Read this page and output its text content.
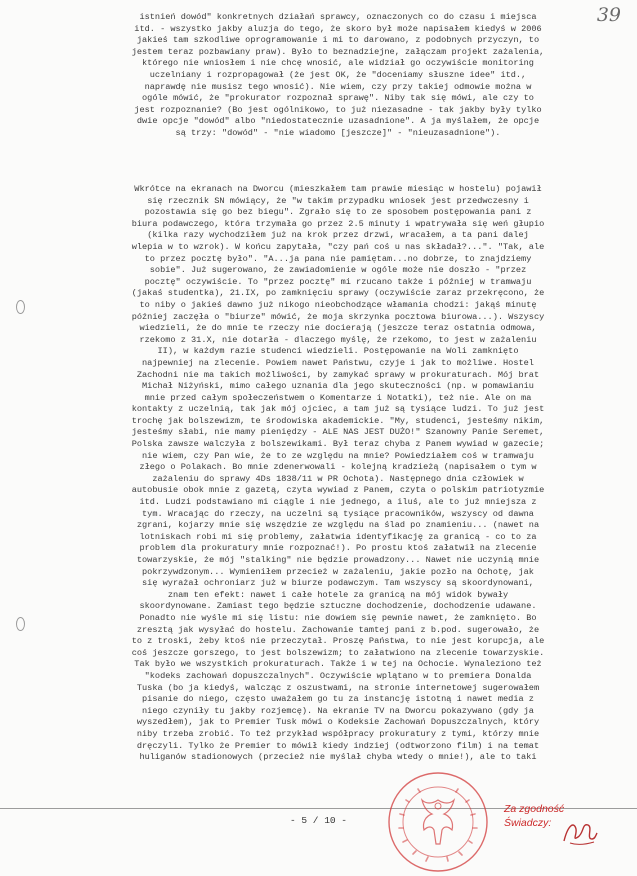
39

istnień dowód" konkretnych działań sprawcy, oznaczonych co do czasu i miejsca

itd. - wszystko jakby aluzja do tego, że skoro był może napisałem kiedyś w 2006

jakieś tam szkodliwe oprogramowanie i mi to darowano, z podobnych przyczyn, to

jestem teraz pozbawiany praw). Było to beznadziejne, załączam projekt zażalenia,

którego nie wniosłem i nie chcę wnosić, ale widział go oczywiście monitoring

uczelniany i rozpropagował (że jest OK, że "doceniamy słuszne idee" itd.,

naprawdę nie musisz tego wnosić). Nie wiem, czy przy takiej odmowie można w

ogóle mówić, że "prokurator rozpoznał sprawę". Niby tak się mówi, ale czy to

jest rozpoznanie? (Bo jest ogólnikowo, to już niezasadne - tak jakby były tylko

dwie opcje "dowód" albo "niedostatecznie uzasadnione". A ja myślałem, że opcje

są trzy: "dowód" - "nie wiadomo [jeszcze]" - "nieuzasadnione").

Wkrótce na ekranach na Dworcu (mieszkałem tam prawie miesiąc w hostelu) pojawił

się rzecznik SN mówiący, że "w takim przypadku wniosek jest przedwczesny i

pozostawia się go bez biegu". Zgrało się to ze sposobem postępowania pani z

biura podawczego, która trzymała go przez 2.5 minuty i wpatrywała się weń głupio

(kilka razy wychodziłem już na krok przez drzwi, wracałem, a ta pani dalej

wlepia w to wzrok). W końcu zapytała, "czy pań coś u nas składał?...". "Tak, ale

to przez pocztę było". "A...ja pana nie pamiętam...no dobrze, to znajdziemy

sobie". Już sugerowano, że zawiadomienie w ogóle może nie doszło - "przez

pocztę" oczywiście. To "przez pocztę" mi rzucano także i później w tramwaju

(jakaś studentka), 21.IX, po zamknięciu sprawy (oczywiście zaraz przekręcono, że

to niby o jakieś dawno już nikogo nieobchodzące włamania chodzi: jakąś minutę

później zaczęła o "biurze" mówić, że moja skrzynka pocztowa biurowa...). Wszyscy

wiedzieli, że do mnie te rzeczy nie docierają (jeszcze teraz ostatnia odmowa,

rzekomo z 31.X, nie dotarła - dlaczego myślę, że rzekomo, to jest w zażaleniu

II), w każdym razie studenci wiedzieli. Postępowanie na Woli zamknięto

najpewniej na zlecenie. Powiem nawet Państwu, czyje i jak to możliwe. Hostel

Zachodni nie ma takich możliwości, by zamykać sprawy w prokuraturach. Mój brat

Michał Niżyński, mimo całego uznania dla jego skuteczności (np. w pomawianiu

mnie przed całym społeczeństwem o Komentarze i Notatki), też nie. Ale on ma

kontakty z uczelnią, tak jak mój ojciec, a tam już są tysiące ludzi. To już jest

trochę jak bolszewizm, te środowiska akademickie. "My, studenci, jesteśmy nikim,

jesteśmy słabi, nie mamy pieniędzy - ALE NAS JEST DUŻO!" Szanowny Panie Seremet,

Polska zawsze walczyła z bolszewikami. Był teraz chyba z Panem wywiad w gazecie;

nie wiem, czy Pan wie, że to ze względu na mnie? Powiedziałem coś w tramwaju

złego o Polakach. Bo mnie zdenerwowali - kolejną kradzieżą (napisałem o tym w

zażaleniu do sprawy 4Ds 1838/11 w PR Ochota). Następnego dnia człowiek w

autobusie obok mnie z gazetą, czyta wywiad z Panem, czyta o polskim patriotyzmie

itd. Ludzi podstawiano mi ciągle i nie jednego, a iluś, ale to już mniejsza z

tym. Wracając do rzeczy, na uczelni są tysiące pracowników, wszyscy od dawna

zgrani, kojarzy mnie się wszędzie ze względu na ślad po znamieniu... (nawet na

lotniskach robi mi się problemy, załatwia identyfikację za granicą - co to za

problem dla prokuratury mnie rozpoznać!). Po prostu ktoś załatwił na zlecenie

towarzyskie, że mój "stalking" nie będzie prowadzony... Nawet nie uczynią mnie

pokrzywdzonym... Wymieniłem przecież w zażaleniu, jakie pozło na Ochotę, jak

się wyrażał ochroniarz już w biurze podawczym. Tam wszyscy są skoordynowani,

znam ten efekt: nawet i całe hotele za granicą na mój widok bywały

skoordynowane. Zamiast tego będzie sztuczne dochodzenie, dochodzenie udawane.

Ponadto nie wyśle mi się listu: nie dowiem się pewnie nawet, że zamknięto. Bo

zresztą jak wysyłać do hostelu. Zachowanie tamtej pani z b.pod. sugerowało, że

to z troski, żeby ktoś nie przeczytał. Proszę Państwa, to nie jest korupcja, ale

coś jeszcze gorszego, to jest bolszewizm; to załatwiono na zlecenie towarzyskie.

Tak było we wszystkich prokuraturach. Także i w tej na Ochocie. Wynaleziono też

"kodeks zachowań dopuszczalnych". Oczywiście wplątano w to premiera Donalda

Tuska (bo ja kiedyś, walcząc z oszustwami, na stronie internetowej sugerowałem

pisanie do niego, często uważałem go tu za instancję istotną i nawet media z

niego czyniły tu jakby rozjemcę). Na ekranie TV na Dworcu pokazywano (gdy ja

wyszedłem), jak to Premier Tusk mówi o Kodeksie Zachowań Dopuszczalnych, który

niby trzeba zrobić. To też przykład współpracy prokuratury z tymi, którzy mnie

dręczyli. Tylko że Premier to mówił kiedy indziej (odtworzono film) i na temat

huliganów stadionowych (przecież nie myślał chyba wtedy o mnie!), ale to taki

- 5 / 10 -
Za zgodność
Świadczy:
